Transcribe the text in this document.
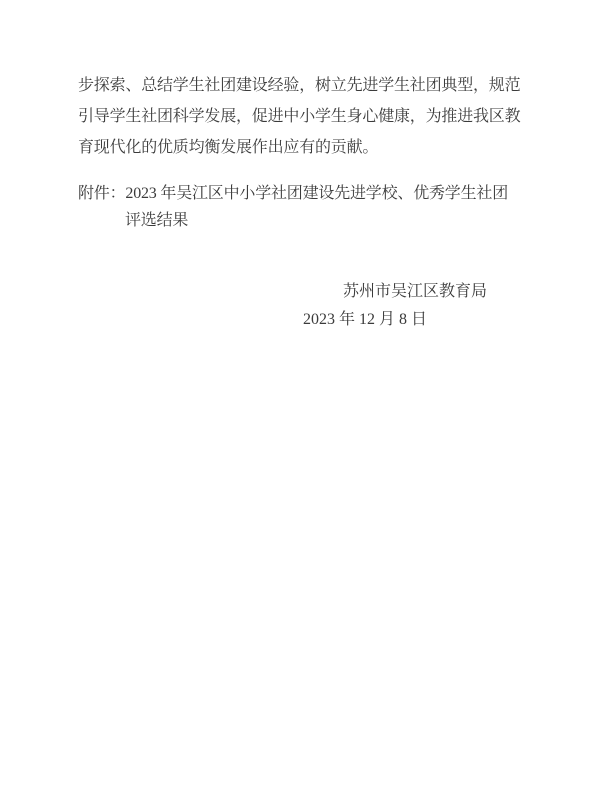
步探索、总结学生社团建设经验，树立先进学生社团典型，规范
引导学生社团科学发展，促进中小学生身心健康，为推进我区教
育现代化的优质均衡发展作出应有的贡献。
附件：2023 年吴江区中小学社团建设先进学校、优秀学生社团
评选结果
苏州市吴江区教育局
2023 年 12 月 8 日
